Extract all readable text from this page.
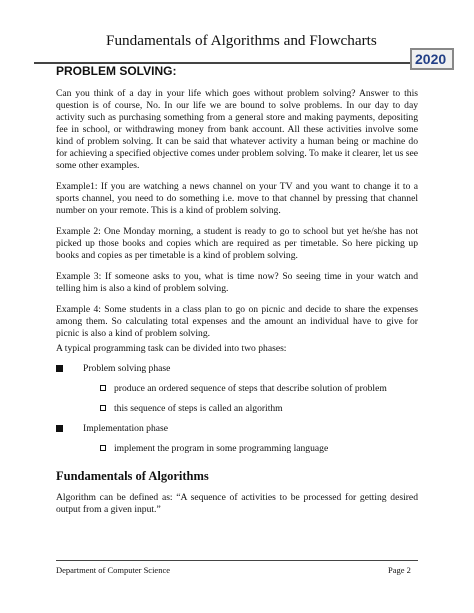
Fundamentals of Algorithms and Flowcharts
2020
PROBLEM SOLVING:

Can you think of a day in your life which goes without problem solving? Answer to this question is of course, No. In our life we are bound to solve problems. In our day to day activity such as purchasing something from a general store and making payments, depositing fee in school, or withdrawing money from bank account. All these activities involve some kind of problem solving. It can be said that whatever activity a human being or machine do for achieving a specified objective comes under problem solving. To make it clearer, let us see some other examples.

Example1: If you are watching a news channel on your TV and you want to change it to a sports channel, you need to do something i.e. move to that channel by pressing that channel number on your remote. This is a kind of problem solving.

Example 2: One Monday morning, a student is ready to go to school but yet he/she has not picked up those books and copies which are required as per timetable. So here picking up books and copies as per timetable is a kind of problem solving.

Example 3: If someone asks to you, what is time now? So seeing time in your watch and telling him is also a kind of problem solving.

Example 4: Some students in a class plan to go on picnic and decide to share the expenses among them. So calculating total expenses and the amount an individual have to give for picnic is also a kind of problem solving.

A typical programming task can be divided into two phases:

Problem solving phase
produce an ordered sequence of steps that describe solution of problem
this sequence of steps is called an algorithm
Implementation phase
implement the program in some programming language
Fundamentals of Algorithms

Algorithm can be defined as: “A sequence of activities to be processed for getting desired output from a given input.”

Department of Computer Science	Page 2
